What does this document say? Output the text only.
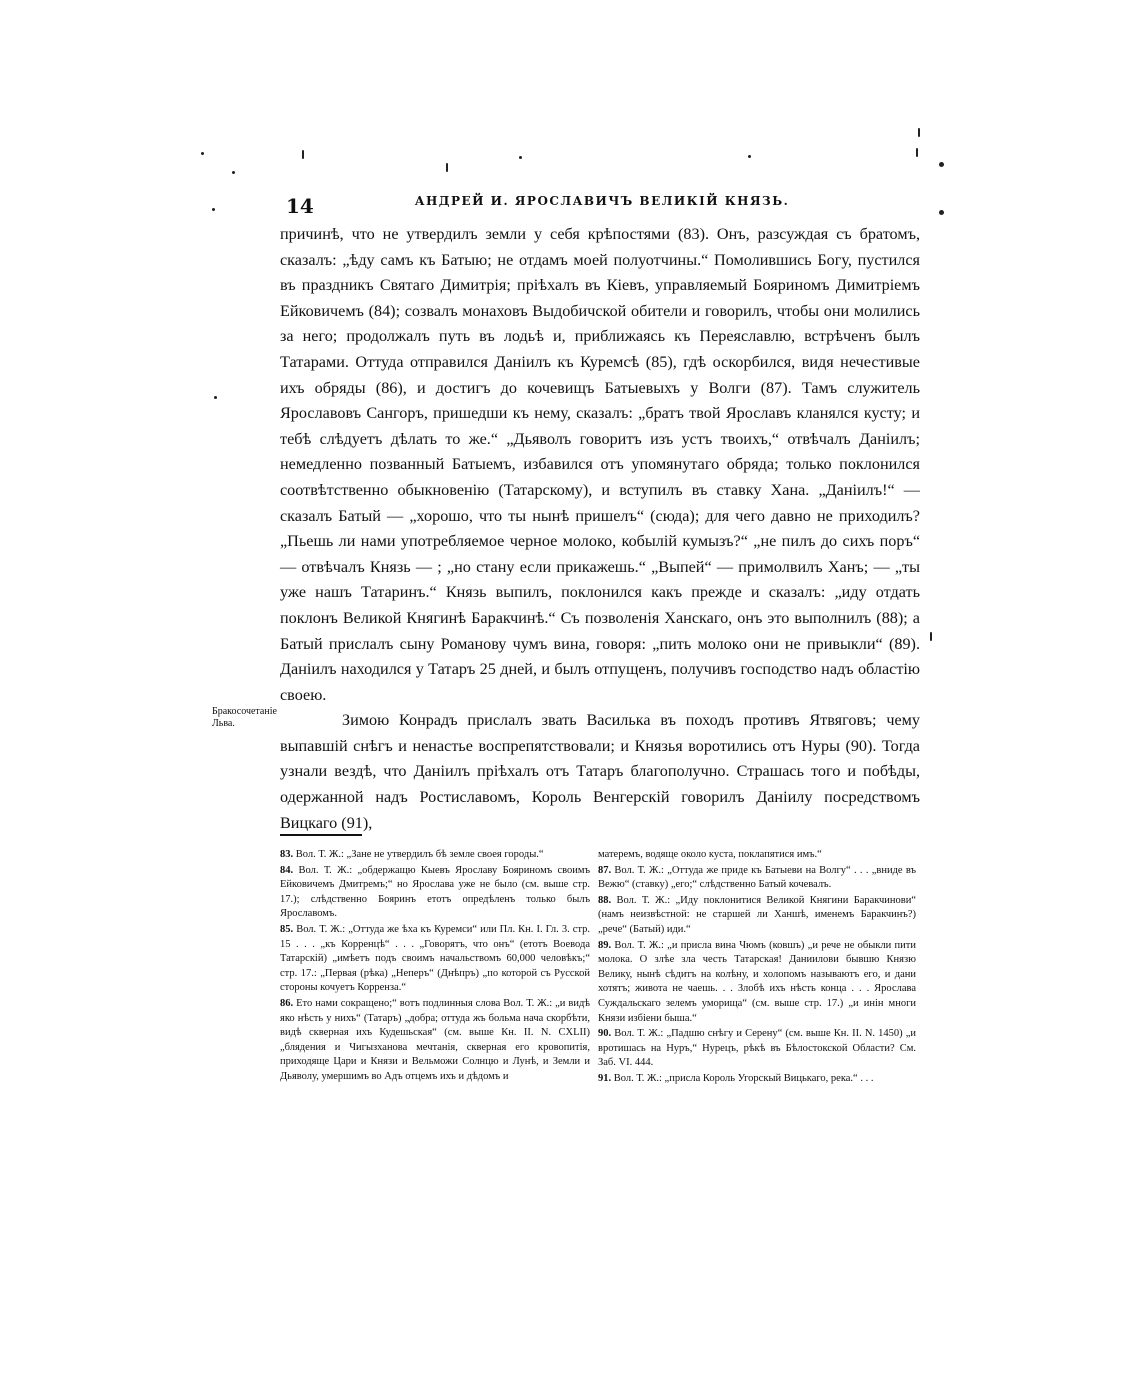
14	АНДРЕЙ И. ЯРОСЛАВИЧЪ ВЕЛИКІЙ КНЯЗЬ.

причинѣ, что не утвердилъ земли у себя крѣпостями (83). Онъ, разсуждая съ братомъ, сказалъ: „ѣду самъ къ Батыю; не отдамъ моей полуотчины.“ Помолившись Богу, пустился въ праздникъ Святаго Димитрія; пріѣхалъ въ Кіевъ, управляемый Бояриномъ Димитріемъ Ейковичемъ (84); созвалъ монаховъ Выдобичской обители и говорилъ, чтобы они молились за него; продолжалъ путь въ лодьѣ и, приближаясь къ Переяславлю, встрѣченъ былъ Татарами. Оттуда отправился Даніилъ къ Куремсѣ (85), гдѣ оскорбился, видя нечестивые ихъ обряды (86), и достигъ до кочевищъ Батыевыхъ у Волги (87). Тамъ служитель Ярославовъ Сангоръ, пришедши къ нему, сказалъ: „братъ твой Ярославъ кланялся кусту; и тебѣ слѣдуетъ дѣлать то же.“ „Дьяволъ говоритъ изъ устъ твоихъ,“ отвѣчалъ Даніилъ; немедленно позванный Батыемъ, избавился отъ упомянутаго обряда; только поклонился соотвѣтственно обыкновенію (Татарскому), и вступилъ въ ставку Хана. „Даніилъ!“ — сказалъ Батый — „хорошо, что ты нынѣ пришелъ“ (сюда); для чего давно не приходилъ? „Пьешь ли нами употребляемое черное молоко, кобылій кумызъ?“ „не пилъ до сихъ поръ“ — отвѣчалъ Князь — ; „но стану если прикажешь.“ „Выпей“ — примолвилъ Ханъ; — „ты уже нашъ Татаринъ.“ Князь выпилъ, поклонился какъ прежде и сказалъ: „иду отдать поклонъ Великой Княгинѣ Баракчинѣ.“ Съ позволенія Ханскаго, онъ это выполнилъ (88); а Батый прислалъ сыну Романову чумъ вина, говоря: „пить молоко они не привыкли“ (89). Даніилъ находился у Татаръ 25 дней, и былъ отпущенъ, получивъ господство надъ областію своею.

Зимою Конрадъ прислалъ звать Василька въ походъ противъ Ятвяговъ; чему выпавшій снѣгъ и ненастье воспрепятствовали; и Князья воротились отъ Нуры (90). Тогда узнали вездѣ, что Даніилъ пріѣхалъ отъ Татаръ благополучно. Страшась того и побѣды, одержанной надъ Ростиславомъ, Король Венгерскій говорилъ Даніилу посредствомъ Вицкаго (91),

Бракосочетаніе Льва.

83. Вол. Т. Ж.: „Зане не утвердилъ бѣ земле своея городы.“

84. Вол. Т. Ж.: „обдержащю Кыевъ Ярославу Бояриномъ своимъ Ейковичемъ Дмитремъ;“ но Ярослава уже не было (см. выше стр. 17.); слѣдственно Бояринъ етотъ опредѣленъ только былъ Ярославомъ.

85. Вол. Т. Ж.: „Оттуда же ѣха къ Куремси“ или Пл. Кн. I. Гл. 3. стр. 15 . . . „къ Корренцѣ“ . . . „Говорятъ, что онъ“ (етотъ Воевода Татарскій) „имѣетъ подъ своимъ начальствомъ 60,000 человѣкъ;“ стр. 17.: „Первая (рѣка) „Неперъ“ (Днѣпръ) „по которой съ Русской стороны кочуетъ Корренза.“

86. Ето нами сокращено;“ вотъ подлинныя слова Вол. Т. Ж.: „и видѣ яко нѣсть у нихъ“ (Татаръ) „добра; оттуда жъ больма нача скорбѣти, видѣ скверная ихъ Кудешьская“ (см. выше Кн. II. N. CXLII) „блядения и Чигызханова мечтанія, скверная его кровопитія, приходяще Цари и Князи и Вельможи Солнцю и Лунѣ, и Земли и Дьяволу, умершимъ во Адъ отцемъ ихъ и дѣдомъ и

матеремъ, водяще около куста, поклапятися имъ.“

87. Вол. Т. Ж.: „Оттуда же приде къ Батыеви на Волгу“ . . . „вниде въ Вежю“ (ставку) „его;“ слѣдственно Батый кочевалъ.

88. Вол. Т. Ж.: „Иду поклонитися Великой Княгини Баракчинови“ (намъ неизвѣстной: не старшей ли Ханшѣ, именемъ Баракчинъ?) „рече“ (Батый) иди.“

89. Вол. Т. Ж.: „и присла вина Чюмъ (ковшъ) „и рече не обыкли пити молока. О злѣе зла честь Татарская! Даниилови бывшю Князю Велику, нынѣ сѣдитъ на колѣну, и холопомъ называютъ его, и дани хотятъ; живота не чаешь. . . Злобѣ ихъ нѣсть конца . . . Ярослава Суждальскаго зелемъ уморища“ (см. выше стр. 17.) „и инін многи Князи избіени быша.“

90. Вол. Т. Ж.: „Падшю снѣгу и Серену“ (см. выше Кн. II. N. 1450) „и вротишась на Нуръ,“ Нурецъ, рѣкѣ въ Бѣлостокской Области? См. Заб. VI. 444.

91. Вол. Т. Ж.: „присла Король Угорскый Вицькаго, река.“ . . .
